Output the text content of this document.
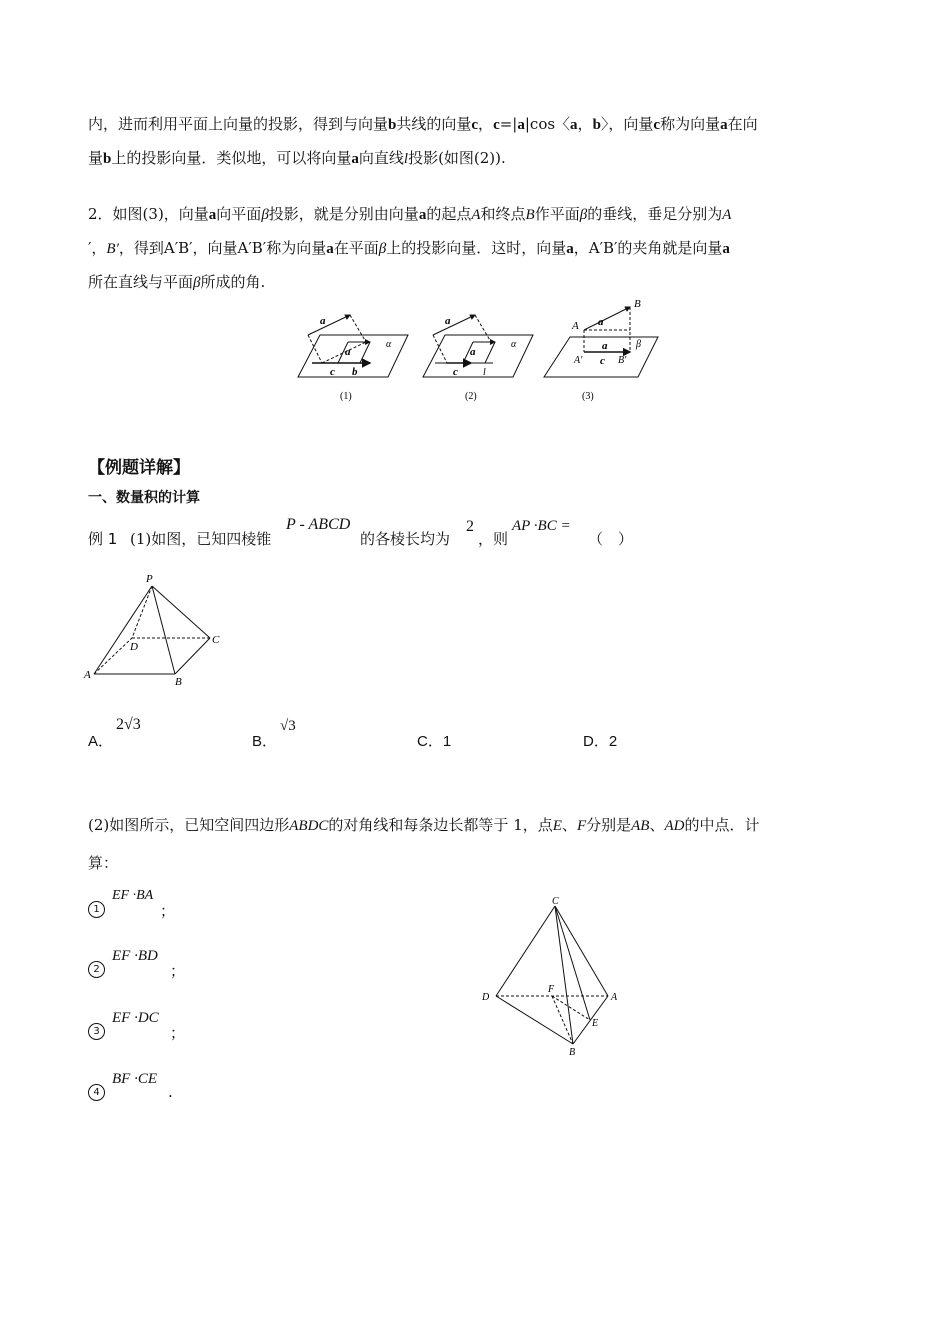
内，进而利用平面上向量的投影，得到与向量b共线的向量c，c=|a|cos〈a，b〉，向量c称为向量a在向
量b上的投影向量．类似地，可以将向量a向直线l投影(如图(2)).
2．如图(3)，向量a向平面β投影，就是分别由向量a的起点A和终点B作平面β的垂线，垂足分别为A
′，B′，得到A′B′，向量A′B′称为向量a在平面β上的投影向量．这时，向量a，A′B′的夹角就是向量a
所在直线与平面β所成的角.
a
a
c b
α
(1)
a
a
c	l
α
(2)
a
a
c
A
B
A′	B′
β
(3)
【例题详解】
一、数量积的计算
例 1 (1)如图，已知四棱锥
P - ABCD
的各棱长均为
2
，则
AP ·BC =
（　）
P
A
B
C
D
A．
2√3
B．
√3
C．1	D．2
(2)如图所示，已知空间四边形ABDC的对角线和每条边长都等于 1，点E、F分别是AB、AD的中点．计
算：
1
EF ·BA
；
2
EF ·BD
；
3
EF ·DC
；
4
BF ·CE
.
C
D	A
B
E
F
